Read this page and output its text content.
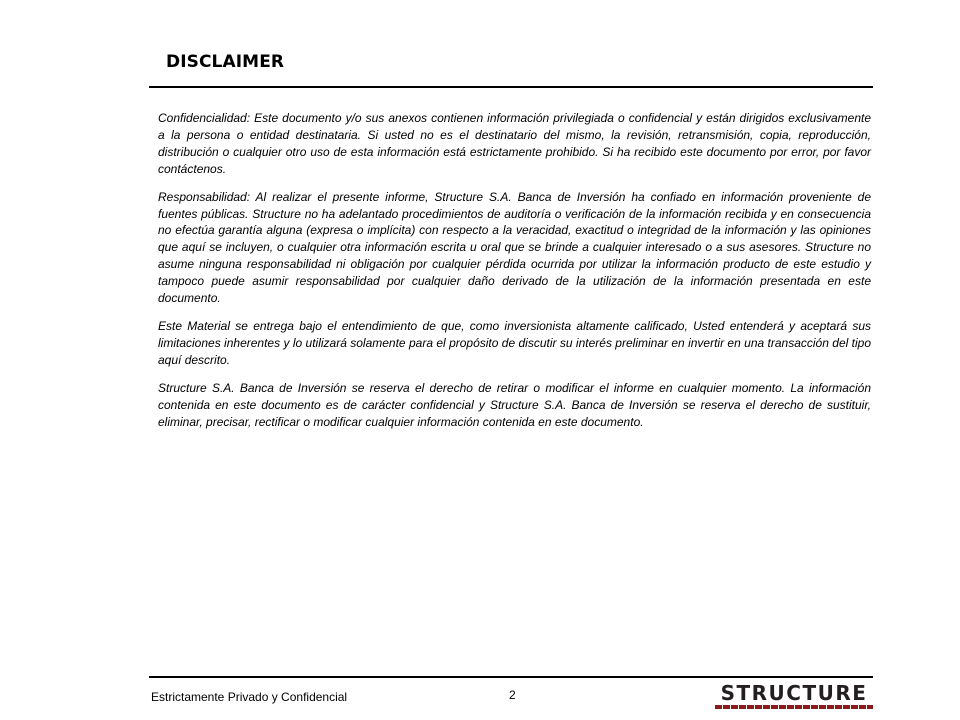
DISCLAIMER

Confidencialidad: Este documento y/o sus anexos contienen información privilegiada o confidencial y están dirigidos exclusivamente a la persona o entidad destinataria. Si usted no es el destinatario del mismo, la revisión, retransmisión, copia, reproducción, distribución o cualquier otro uso de esta información está estrictamente prohibido. Si ha recibido este documento por error, por favor contáctenos.

Responsabilidad: Al realizar el presente informe, Structure S.A. Banca de Inversión ha confiado en información proveniente de fuentes públicas. Structure no ha adelantado procedimientos de auditoría o verificación de la información recibida y en consecuencia no efectúa garantía alguna (expresa o implícita) con respecto a la veracidad, exactitud o integridad de la información y las opiniones que aquí se incluyen, o cualquier otra información escrita u oral que se brinde a cualquier interesado o a sus asesores. Structure no asume ninguna responsabilidad ni obligación por cualquier pérdida ocurrida por utilizar la información producto de este estudio y tampoco puede asumir responsabilidad por cualquier daño derivado de la utilización de la información presentada en este documento.

Este Material se entrega bajo el entendimiento de que, como inversionista altamente calificado, Usted entenderá y aceptará sus limitaciones inherentes y lo utilizará solamente para el propósito de discutir su interés preliminar en invertir en una transacción del tipo aquí descrito.

Structure S.A. Banca de Inversión se reserva el derecho de retirar o modificar el informe en cualquier momento. La información contenida en este documento es de carácter confidencial y Structure S.A. Banca de Inversión se reserva el derecho de sustituir, eliminar, precisar, rectificar o modificar cualquier información contenida en este documento.

Estrictamente Privado y Confidencial	2	STRUCTURE
